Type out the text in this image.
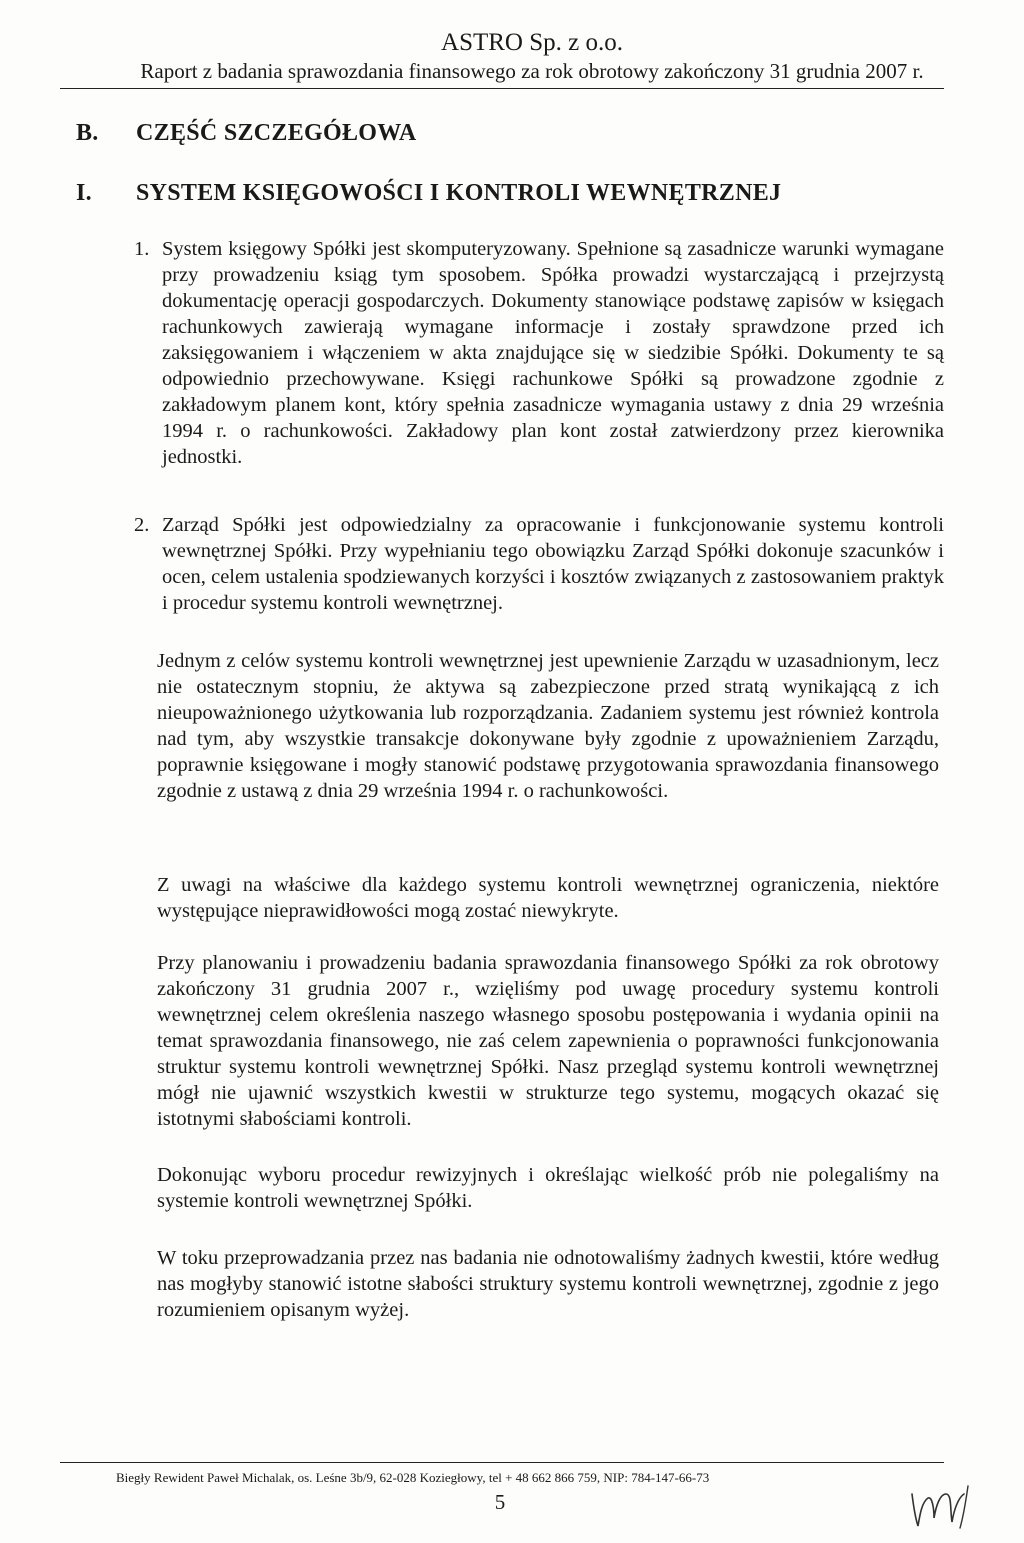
ASTRO Sp. z o.o.
Raport z badania sprawozdania finansowego za rok obrotowy zakończony 31 grudnia 2007 r.
B. CZĘŚĆ SZCZEGÓŁOWA
I. SYSTEM KSIĘGOWOŚCI I KONTROLI WEWNĘTRZNEJ
1. System księgowy Spółki jest skomputeryzowany. Spełnione są zasadnicze warunki wymagane przy prowadzeniu ksiąg tym sposobem. Spółka prowadzi wystarczającą i przejrzystą dokumentację operacji gospodarczych. Dokumenty stanowiące podstawę zapisów w księgach rachunkowych zawierają wymagane informacje i zostały sprawdzone przed ich zaksięgowaniem i włączeniem w akta znajdujące się w siedzibie Spółki. Dokumenty te są odpowiednio przechowywane. Księgi rachunkowe Spółki są prowadzone zgodnie z zakładowym planem kont, który spełnia zasadnicze wymagania ustawy z dnia 29 września 1994 r. o rachunkowości. Zakładowy plan kont został zatwierdzony przez kierownika jednostki.
2. Zarząd Spółki jest odpowiedzialny za opracowanie i funkcjonowanie systemu kontroli wewnętrznej Spółki. Przy wypełnianiu tego obowiązku Zarząd Spółki dokonuje szacunków i ocen, celem ustalenia spodziewanych korzyści i kosztów związanych z zastosowaniem praktyk i procedur systemu kontroli wewnętrznej.
Jednym z celów systemu kontroli wewnętrznej jest upewnienie Zarządu w uzasadnionym, lecz nie ostatecznym stopniu, że aktywa są zabezpieczone przed stratą wynikającą z ich nieupoważnionego użytkowania lub rozporządzania. Zadaniem systemu jest również kontrola nad tym, aby wszystkie transakcje dokonywane były zgodnie z upoważnieniem Zarządu, poprawnie księgowane i mogły stanowić podstawę przygotowania sprawozdania finansowego zgodnie z ustawą z dnia 29 września 1994 r. o rachunkowości.
Z uwagi na właściwe dla każdego systemu kontroli wewnętrznej ograniczenia, niektóre występujące nieprawidłowości mogą zostać niewykryte.
Przy planowaniu i prowadzeniu badania sprawozdania finansowego Spółki za rok obrotowy zakończony 31 grudnia 2007 r., wzięliśmy pod uwagę procedury systemu kontroli wewnętrznej celem określenia naszego własnego sposobu postępowania i wydania opinii na temat sprawozdania finansowego, nie zaś celem zapewnienia o poprawności funkcjonowania struktur systemu kontroli wewnętrznej Spółki. Nasz przegląd systemu kontroli wewnętrznej mógł nie ujawnić wszystkich kwestii w strukturze tego systemu, mogących okazać się istotnymi słabościami kontroli.
Dokonując wyboru procedur rewizyjnych i określając wielkość prób nie polegaliśmy na systemie kontroli wewnętrznej Spółki.
W toku przeprowadzania przez nas badania nie odnotowaliśmy żadnych kwestii, które według nas mogłyby stanowić istotne słabości struktury systemu kontroli wewnętrznej, zgodnie z jego rozumieniem opisanym wyżej.
Biegły Rewident Paweł Michalak, os. Leśne 3b/9, 62-028 Koziegłowy, tel + 48 662 866 759, NIP: 784-147-66-73
5
